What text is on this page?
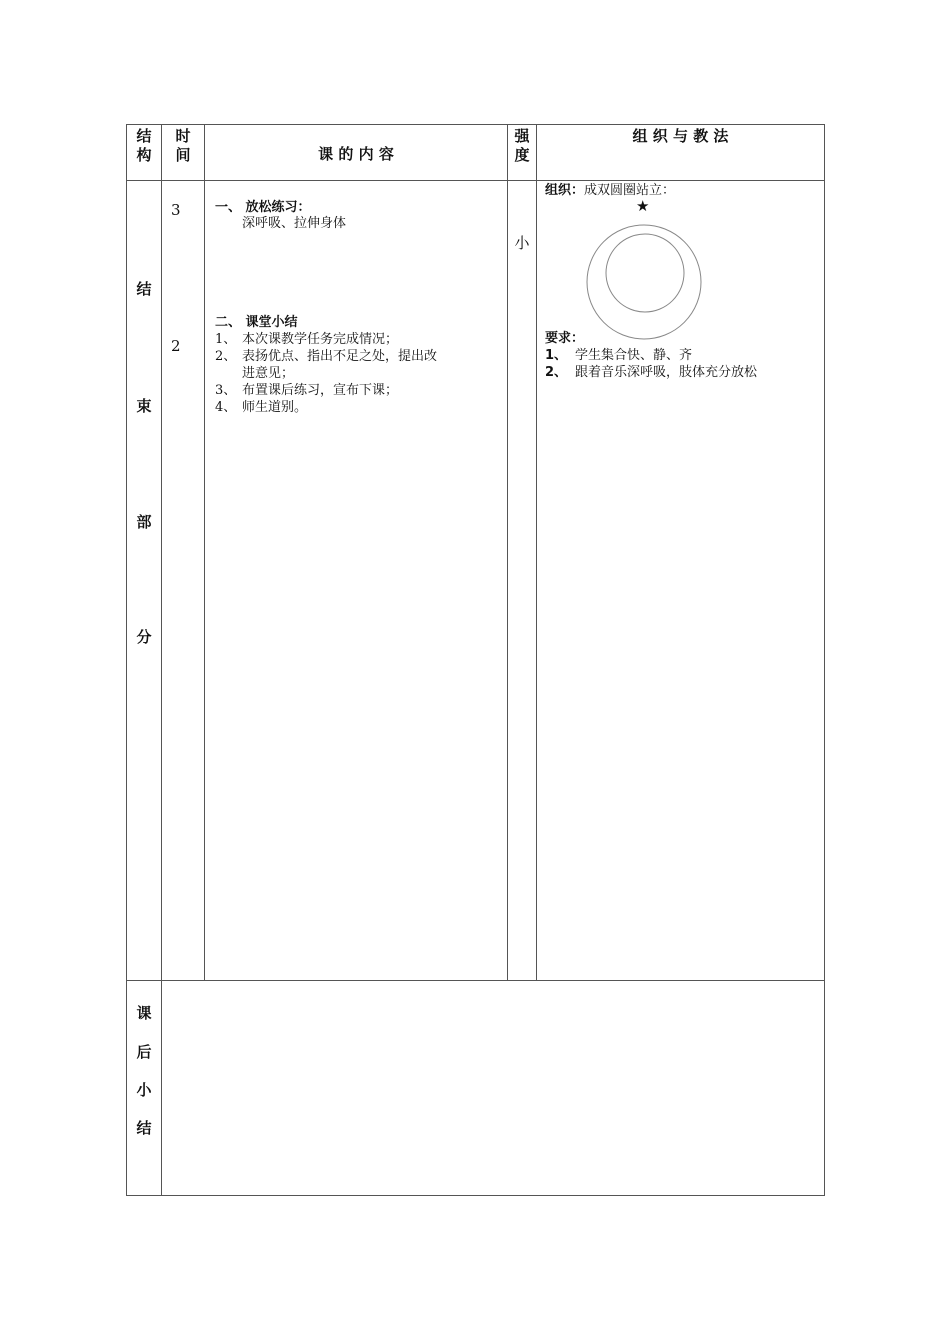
结
构
时
间	课 的 内 容
强
度
组 织 与 教 法
结
束
部
分
3
2
一、 放松练习：
深呼吸、拉伸身体
二、 课堂小结
1、 本次课教学任务完成情况；
2、 表扬优点、指出不足之处，提出改
进意见；
3、 布置课后练习，宣布下课；
4、 师生道别。
小
组织：成双圆圈站立：
★
要求：
1、 学生集合快、静、齐
2、 跟着音乐深呼吸，肢体充分放松
课
后
小
结
